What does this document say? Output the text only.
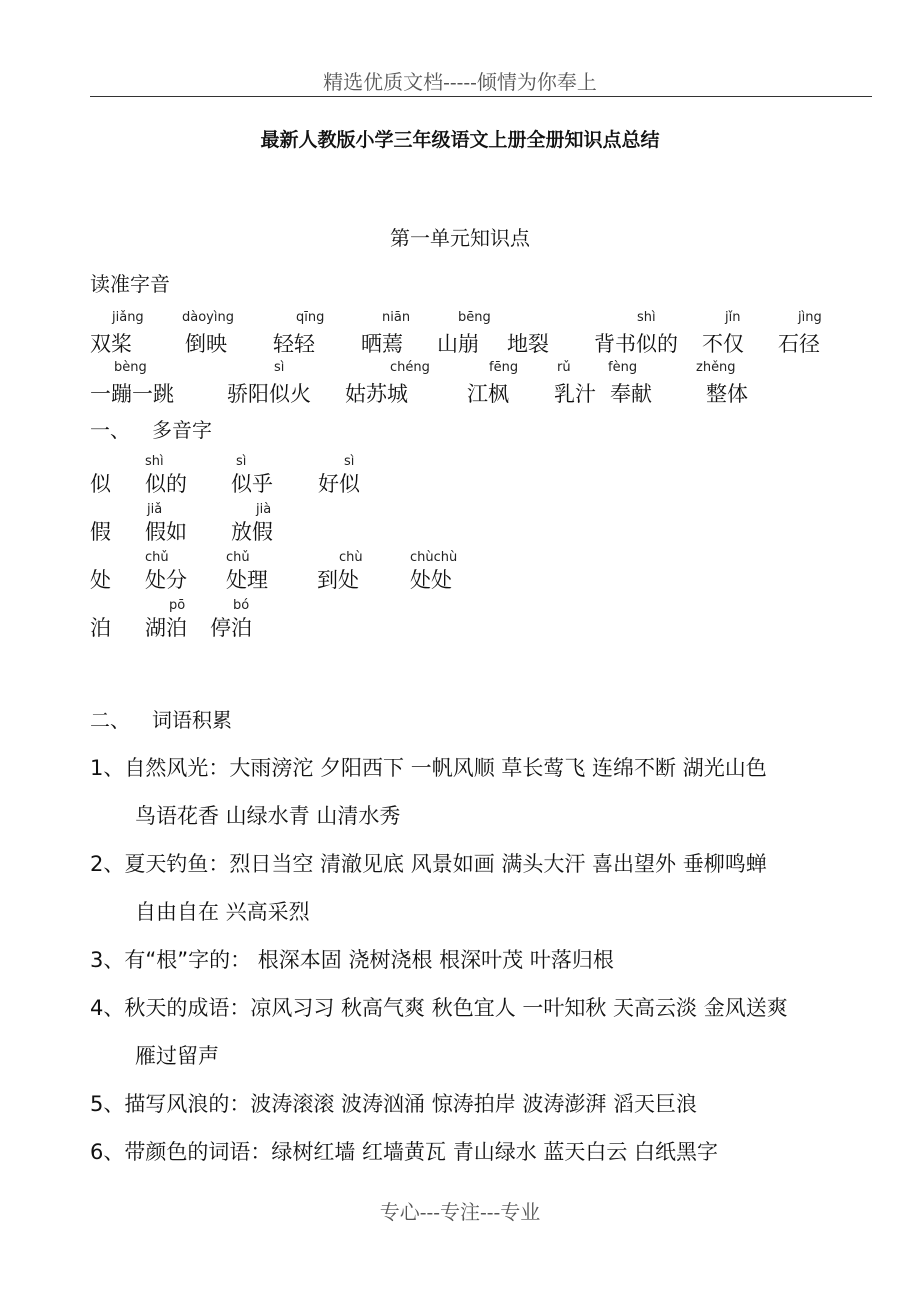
精选优质文档-----倾情为你奉上
最新人教版小学三年级语文上册全册知识点总结
第一单元知识点
读准字音
双桨
jiǎng
倒映
dàoyìng
轻轻
qīng
晒蔫
niān
山崩
bēng
地裂 背书似的
shì
不仅
jǐn
石径
jìng
一蹦一跳
bèng
骄阳似火
sì
姑苏城
chéng
江枫
fēng
乳汁
rǔ
奉献
fèng
整体
zhěng
一、 多音字
似 似的
shì
似乎
sì
好似
sì
假 假如
jiǎ
放假
jià
处 处分
chǔ
处理
chǔ
到处
chù
处处
chùchù
泊 湖泊
pō
停泊
bó
二、 词语积累
1、自然风光：大雨滂沱 夕阳西下 一帆风顺 草长莺飞 连绵不断 湖光山色
鸟语花香 山绿水青 山清水秀
2、夏天钓鱼：烈日当空 清澈见底 风景如画 满头大汗 喜出望外 垂柳鸣蝉
自由自在 兴高采烈
3、有“根”字的： 根深本固 浇树浇根 根深叶茂 叶落归根
4、秋天的成语：凉风习习 秋高气爽 秋色宜人 一叶知秋 天高云淡 金风送爽
雁过留声
5、描写风浪的：波涛滚滚 波涛汹涌 惊涛拍岸 波涛澎湃 滔天巨浪
6、带颜色的词语：绿树红墙 红墙黄瓦 青山绿水 蓝天白云 白纸黑字
专心---专注---专业
